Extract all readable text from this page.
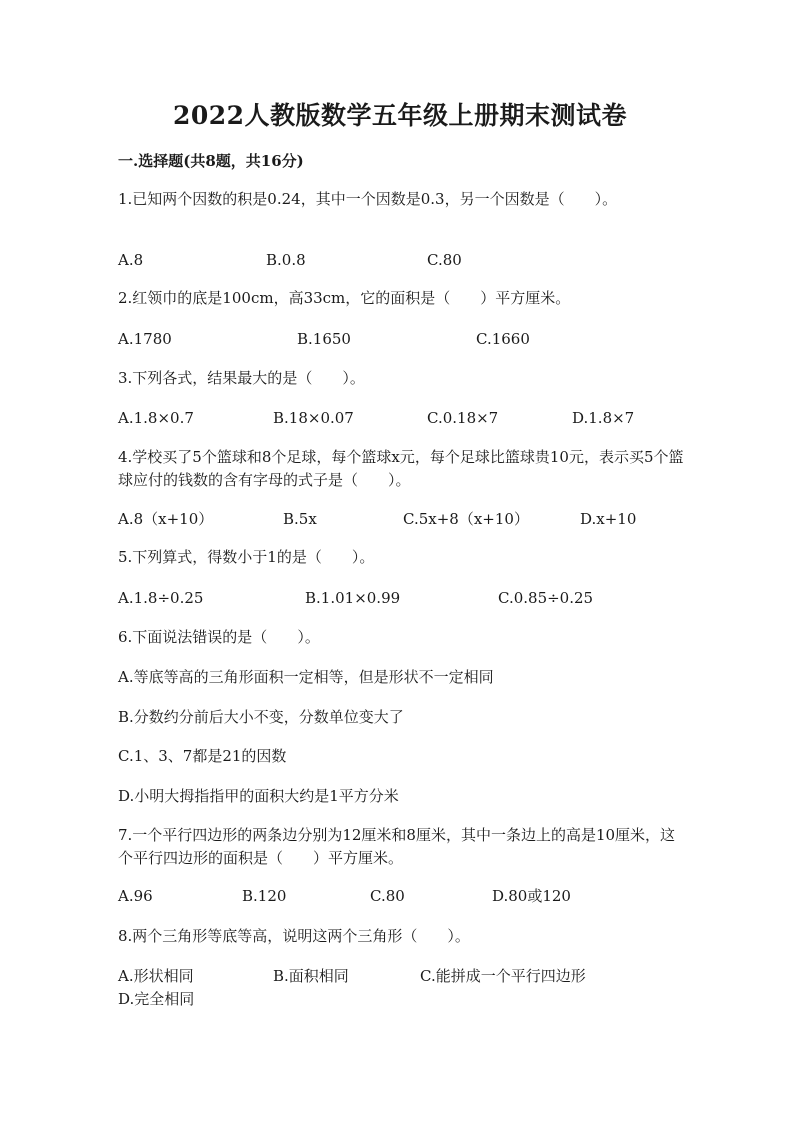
2022人教版数学五年级上册期末测试卷
一.选择题(共8题，共16分)
1.已知两个因数的积是0.24，其中一个因数是0.3，另一个因数是（　　）。
A.8	B.0.8	C.80
2.红领巾的底是100cm，高33cm，它的面积是（　　）平方厘米。
A.1780	B.1650	C.1660
3.下列各式，结果最大的是（　　）。
A.1.8×0.7	B.18×0.07	C.0.18×7	D.1.8×7
4.学校买了5个篮球和8个足球，每个篮球x元，每个足球比篮球贵10元，表示买5个篮球应付的钱数的含有字母的式子是（　　）。
A.8（x+10）	B.5x	C.5x+8（x+10）	D.x+10
5.下列算式，得数小于1的是（　　）。
A.1.8÷0.25	B.1.01×0.99	C.0.85÷0.25
6.下面说法错误的是（　　）。
A.等底等高的三角形面积一定相等，但是形状不一定相同
B.分数约分前后大小不变，分数单位变大了
C.1、3、7都是21的因数
D.小明大拇指指甲的面积大约是1平方分米
7.一个平行四边形的两条边分别为12厘米和8厘米，其中一条边上的高是10厘米，这个平行四边形的面积是（　　）平方厘米。
A.96	B.120	C.80	D.80或120
8.两个三角形等底等高，说明这两个三角形（　　）。
A.形状相同	B.面积相同	C.能拼成一个平行四边形
D.完全相同
